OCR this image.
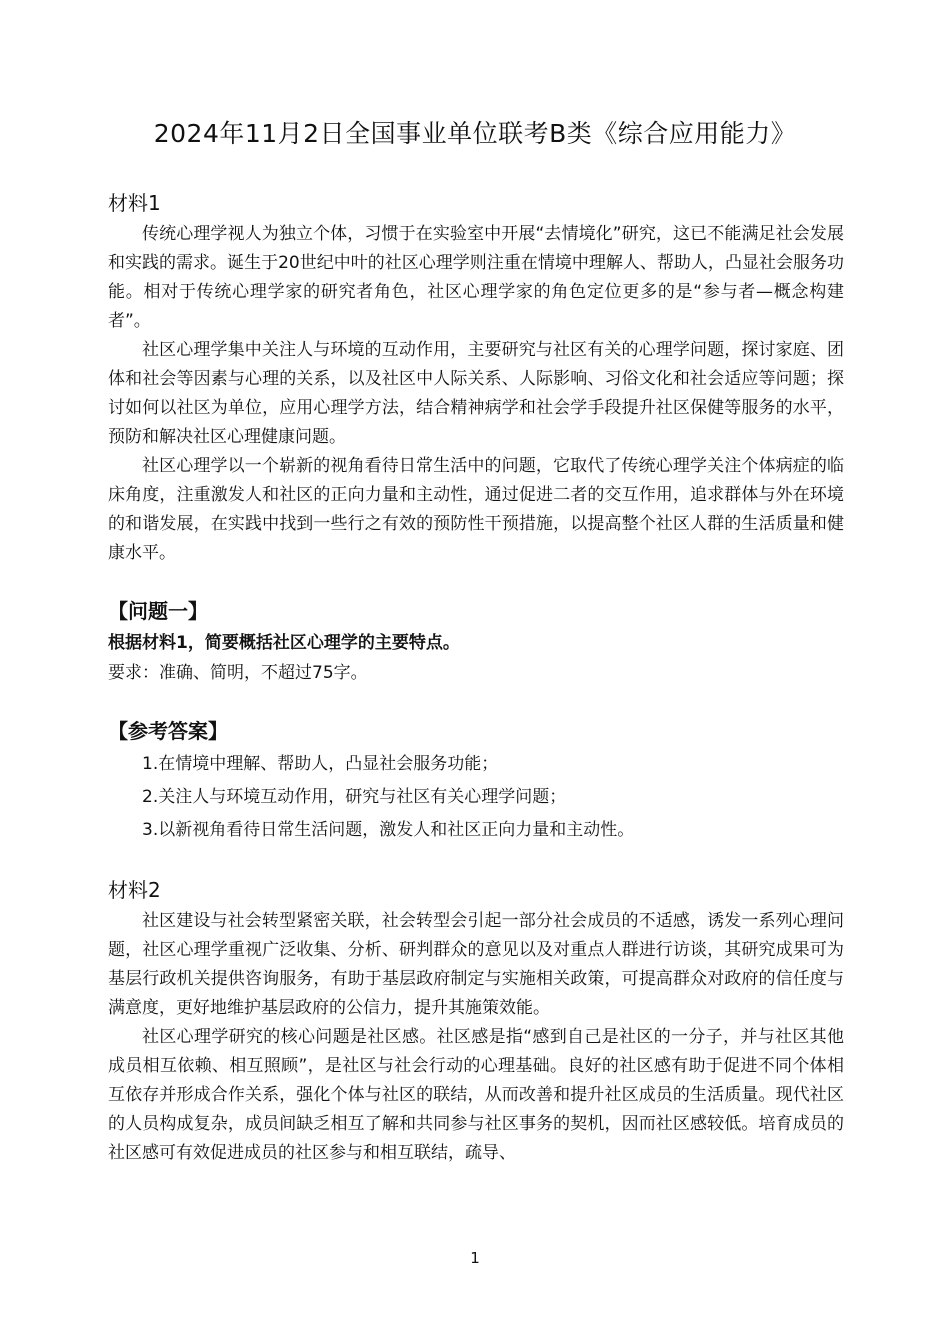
2024年11月2日全国事业单位联考B类《综合应用能力》

材料1

传统心理学视人为独立个体，习惯于在实验室中开展“去情境化”研究，这已不能满足社会发展和实践的需求。诞生于20世纪中叶的社区心理学则注重在情境中理解人、帮助人，凸显社会服务功能。相对于传统心理学家的研究者角色，社区心理学家的角色定位更多的是“参与者—概念构建者”。

社区心理学集中关注人与环境的互动作用，主要研究与社区有关的心理学问题，探讨家庭、团体和社会等因素与心理的关系，以及社区中人际关系、人际影响、习俗文化和社会适应等问题；探讨如何以社区为单位，应用心理学方法，结合精神病学和社会学手段提升社区保健等服务的水平，预防和解决社区心理健康问题。

社区心理学以一个崭新的视角看待日常生活中的问题，它取代了传统心理学关注个体病症的临床角度，注重激发人和社区的正向力量和主动性，通过促进二者的交互作用，追求群体与外在环境的和谐发展，在实践中找到一些行之有效的预防性干预措施，以提高整个社区人群的生活质量和健康水平。

【问题一】

根据材料1，简要概括社区心理学的主要特点。

要求：准确、简明，不超过75字。

【参考答案】

1.在情境中理解、帮助人，凸显社会服务功能；

2.关注人与环境互动作用，研究与社区有关心理学问题；

3.以新视角看待日常生活问题，激发人和社区正向力量和主动性。

材料2

社区建设与社会转型紧密关联，社会转型会引起一部分社会成员的不适感，诱发一系列心理问题，社区心理学重视广泛收集、分析、研判群众的意见以及对重点人群进行访谈，其研究成果可为基层行政机关提供咨询服务，有助于基层政府制定与实施相关政策，可提高群众对政府的信任度与满意度，更好地维护基层政府的公信力，提升其施策效能。

社区心理学研究的核心问题是社区感。社区感是指“感到自己是社区的一分子，并与社区其他成员相互依赖、相互照顾”，是社区与社会行动的心理基础。良好的社区感有助于促进不同个体相互依存并形成合作关系，强化个体与社区的联结，从而改善和提升社区成员的生活质量。现代社区的人员构成复杂，成员间缺乏相互了解和共同参与社区事务的契机，因而社区感较低。培育成员的社区感可有效促进成员的社区参与和相互联结，疏导、

1
